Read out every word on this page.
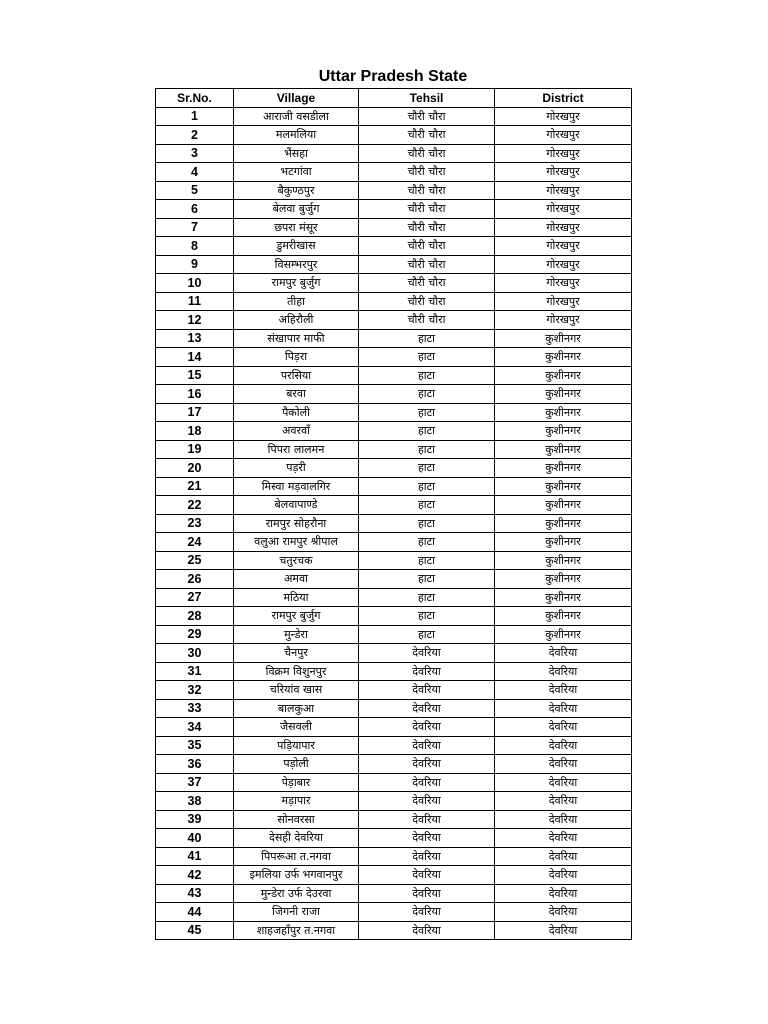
Uttar Pradesh State
Sr.No.	Village	Tehsil	District
1	आराजी वसडीला	चौरी चौरा	गोरखपुर
2	मलमलिया	चौरी चौरा	गोरखपुर
3	भैंसहा	चौरी चौरा	गोरखपुर
4	भटगांवा	चौरी चौरा	गोरखपुर
5	बैकुण्ठपुर	चौरी चौरा	गोरखपुर
6	बेलवा बुर्जुग	चौरी चौरा	गोरखपुर
7	छपरा मंसूर	चौरी चौरा	गोरखपुर
8	डुमरीखास	चौरी चौरा	गोरखपुर
9	विसम्भरपुर	चौरी चौरा	गोरखपुर
10	रामपुर बुर्जुग	चौरी चौरा	गोरखपुर
11	तीहा	चौरी चौरा	गोरखपुर
12	अहिरौली	चौरी चौरा	गोरखपुर
13	संखापार माफी	हाटा	कुशीनगर
14	पिड़रा	हाटा	कुशीनगर
15	परसिया	हाटा	कुशीनगर
16	बरवा	हाटा	कुशीनगर
17	पैकोली	हाटा	कुशीनगर
18	अवरवाँ	हाटा	कुशीनगर
19	पिपरा लालमन	हाटा	कुशीनगर
20	पड़री	हाटा	कुशीनगर
21	मिस्वा मड़वालगिर	हाटा	कुशीनगर
22	बेलवापाण्डे	हाटा	कुशीनगर
23	रामपुर सोहरौना	हाटा	कुशीनगर
24	वलुआ रामपुर श्रीपाल	हाटा	कुशीनगर
25	चतुरचक	हाटा	कुशीनगर
26	अमवा	हाटा	कुशीनगर
27	मठिया	हाटा	कुशीनगर
28	रामपुर बुर्जुग	हाटा	कुशीनगर
29	मुन्डेरा	हाटा	कुशीनगर
30	चैनपुर	देवरिया	देवरिया
31	विक्रम विशुनपुर	देवरिया	देवरिया
32	चरियांव खास	देवरिया	देवरिया
33	बालकुआ	देवरिया	देवरिया
34	जैसवली	देवरिया	देवरिया
35	पड़ियापार	देवरिया	देवरिया
36	पड़ोली	देवरिया	देवरिया
37	पेड़ाबार	देवरिया	देवरिया
38	मड़ापार	देवरिया	देवरिया
39	सोनवरसा	देवरिया	देवरिया
40	देसही देवरिया	देवरिया	देवरिया
41	पिपरूआ त.नगवा	देवरिया	देवरिया
42	इमलिया उर्फ भगवानपुर	देवरिया	देवरिया
43	मुन्डेरा उर्फ देउरवा	देवरिया	देवरिया
44	जिगनी राजा	देवरिया	देवरिया
45	शाहजहाँपुर त.नगवा	देवरिया	देवरिया
